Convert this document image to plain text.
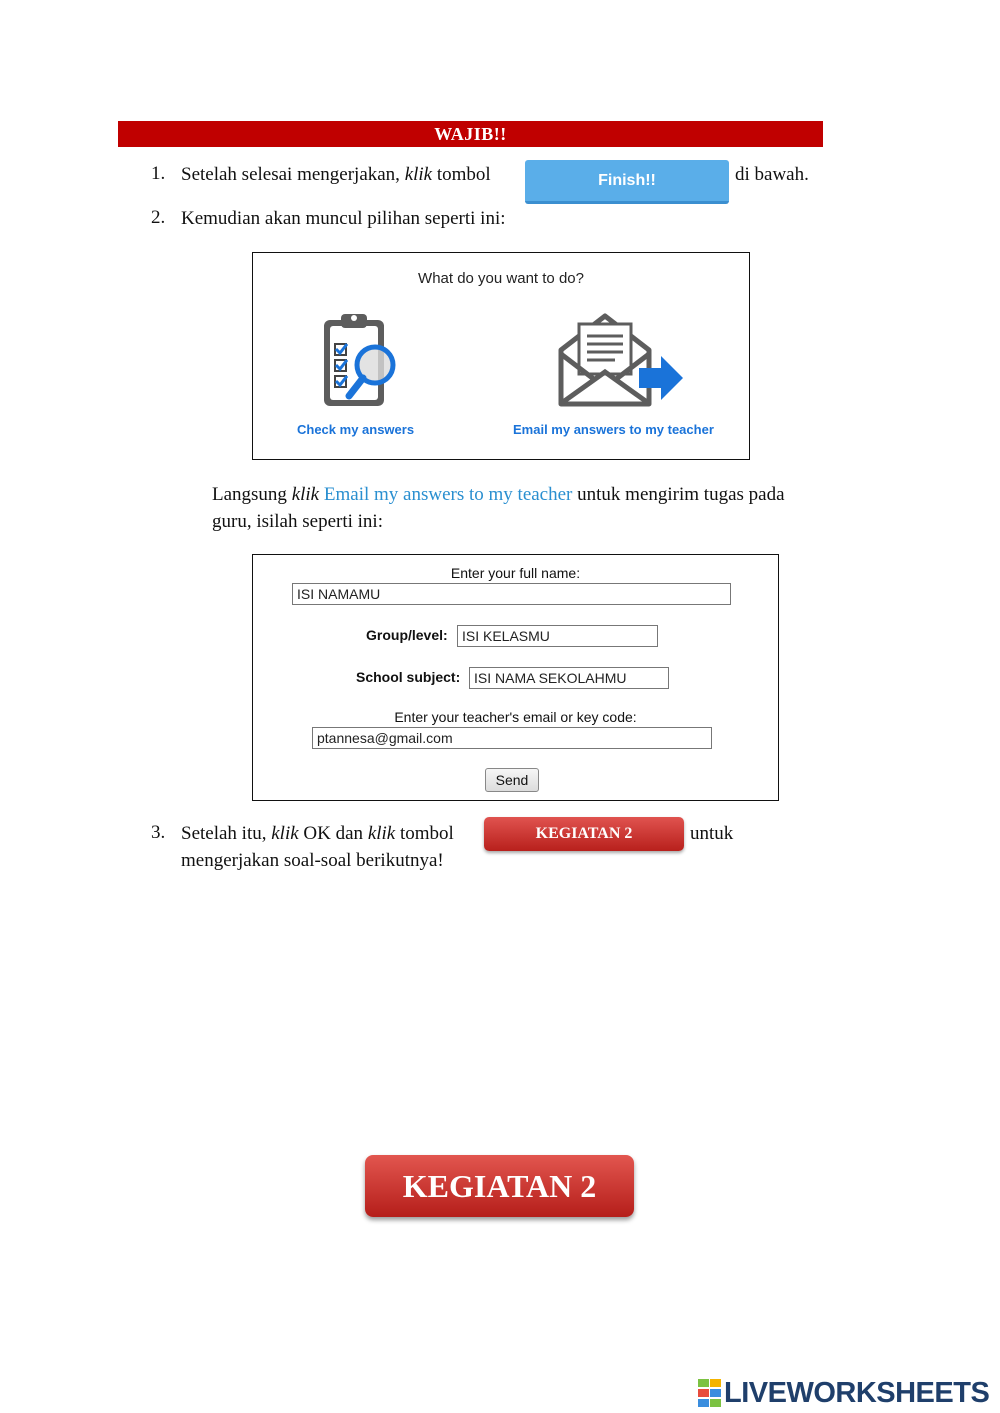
WAJIB!!
1. Setelah selesai mengerjakan, klik tombol	Finish!!	di bawah.
2. Kemudian akan muncul pilihan seperti ini:
What do you want to do?
Check my answers	Email my answers to my teacher
Langsung klik Email my answers to my teacher untuk mengirim tugas pada guru, isilah seperti ini:
Enter your full name:
ISI NAMAMU
Group/level:	ISI KELASMU
School subject: ISI NAMA SEKOLAHMU
Enter your teacher's email or key code:
ptannesa@gmail.com
Send
3. Setelah itu, klik OK dan klik tombol	KEGIATAN 2	untuk
mengerjakan soal-soal berikutnya!
KEGIATAN 2
LIVEWORKSHEETS
